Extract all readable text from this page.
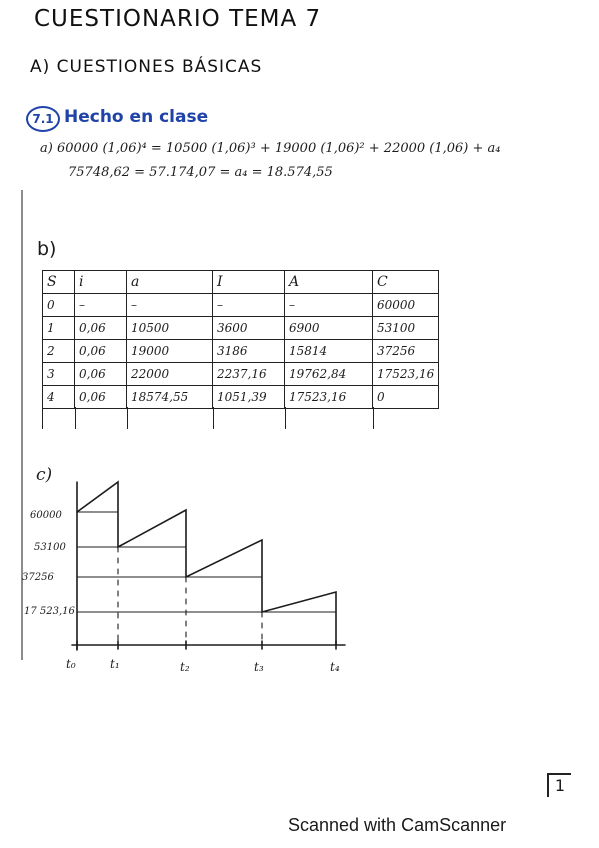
CUESTIONARIO TEMA 7
A) CUESTIONES BÁSICAS
7.1 Hecho en clase
a) 60000 (1,06)⁴ = 10500 (1,06)³ + 19000 (1,06)² + 22000 (1,06) + a₄
75748,62 = 57.174,07 = a₄ = 18.574,55
b)
S	i	a	I	A	C
0	–	–	–	–	60000
1	0,06	10500	3600	6900	53100
2	0,06	19000	3186	15814	37256
3	0,06	22000	2237,16	19762,84	17523,16
4	0,06	18574,55	1051,39	17523,16	0
c)
60000
53100
37256
17 523,16
t₀	t₁	t₂	t₃	t₄
1
Scanned with CamScanner
